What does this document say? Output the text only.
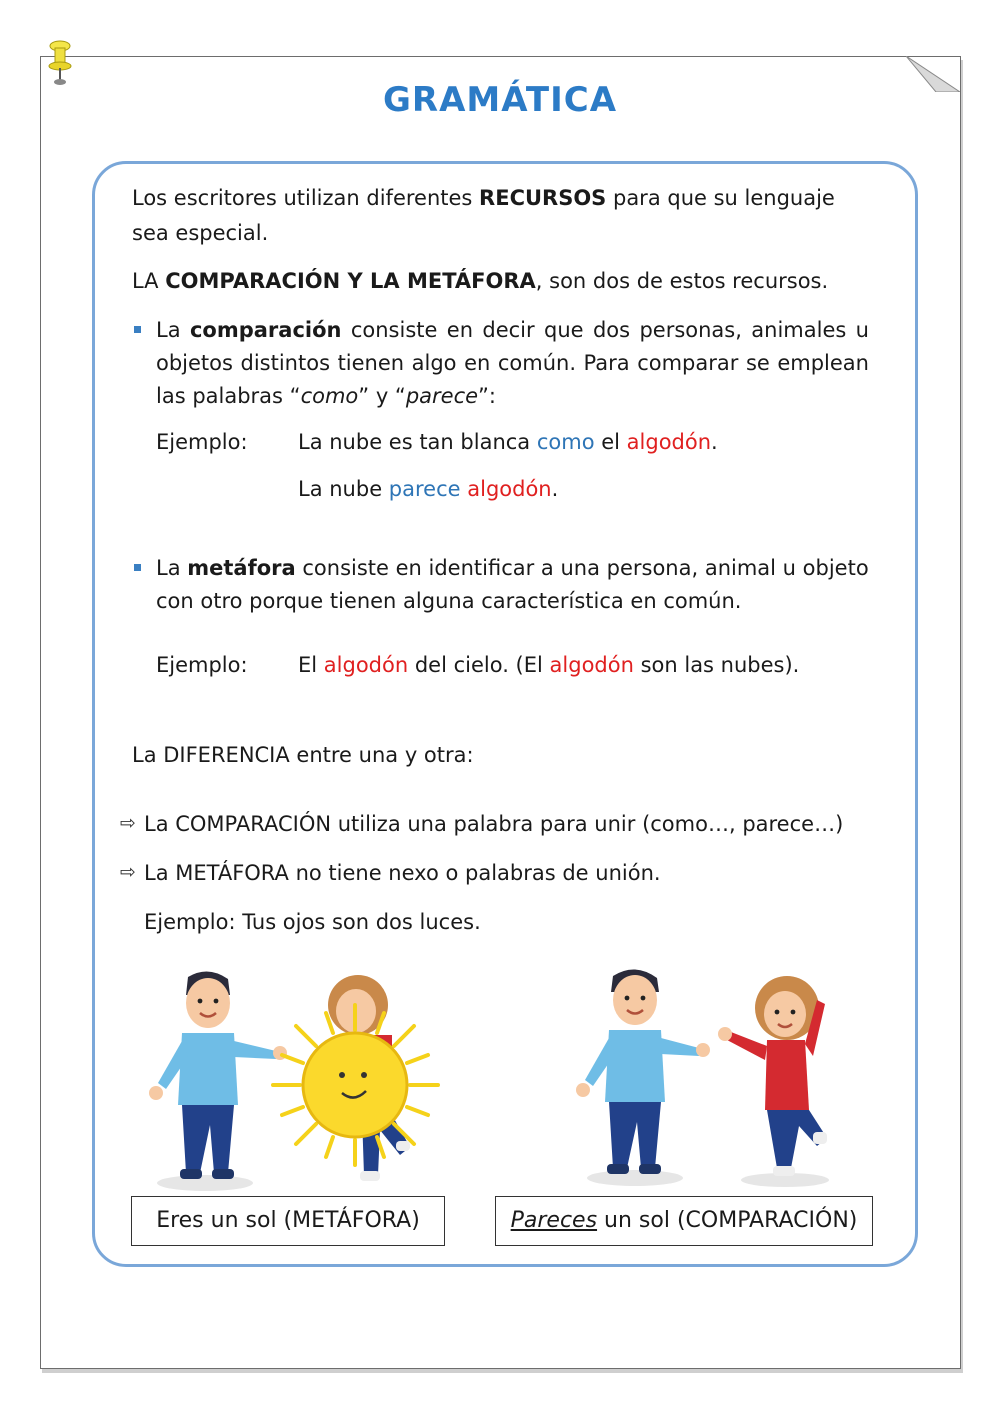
GRAMÁTICA
Los escritores utilizan diferentes RECURSOS para que su lenguaje
sea especial.
LA COMPARACIÓN Y LA METÁFORA, son dos de estos recursos.
La comparación consiste en decir que dos personas, animales u
objetos distintos tienen algo en común. Para comparar se emplean
las palabras “como” y “parece”:
Ejemplo: La nube es tan blanca como el algodón.
La nube parece algodón.
La metáfora consiste en identificar a una persona, animal u objeto
con otro porque tienen alguna característica en común.
Ejemplo: El algodón del cielo. (El algodón son las nubes).
La DIFERENCIA entre una y otra:
⇨ La COMPARACIÓN utiliza una palabra para unir (como…, parece…)
⇨ La METÁFORA no tiene nexo o palabras de unión.
Ejemplo: Tus ojos son dos luces.
Eres un sol (METÁFORA)	Pareces un sol (COMPARACIÓN)
